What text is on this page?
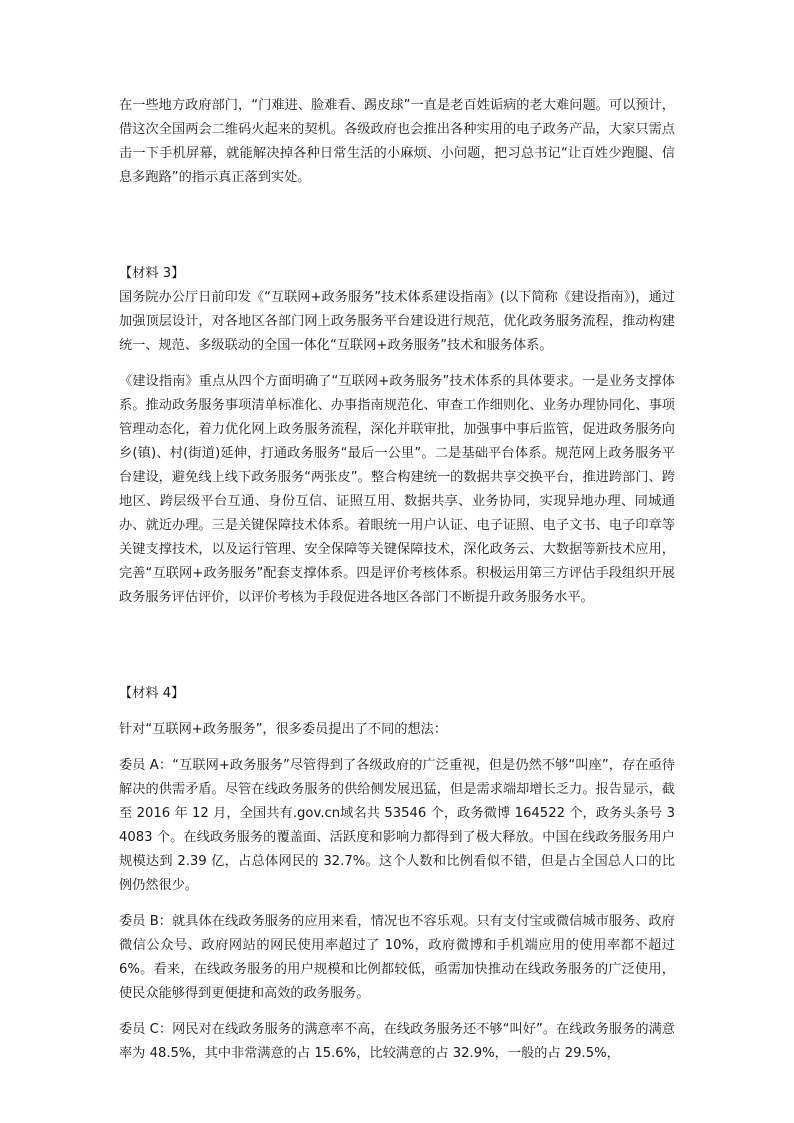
在一些地方政府部门，“门难进、脸难看、踢皮球”一直是老百姓诟病的老大难问题。可以预计，借这次全国两会二维码火起来的契机。各级政府也会推出各种实用的电子政务产品，大家只需点击一下手机屏幕，就能解决掉各种日常生活的小麻烦、小问题，把习总书记“让百姓少跑腿、信息多跑路”的指示真正落到实处。

【材料 3】

国务院办公厅日前印发《“互联网+政务服务”技术体系建设指南》(以下简称《建设指南》)，通过加强顶层设计，对各地区各部门网上政务服务平台建设进行规范，优化政务服务流程，推动构建统一、规范、多级联动的全国一体化“互联网+政务服务”技术和服务体系。

《建设指南》重点从四个方面明确了“互联网+政务服务”技术体系的具体要求。一是业务支撑体系。推动政务服务事项清单标准化、办事指南规范化、审查工作细则化、业务办理协同化、事项管理动态化，着力优化网上政务服务流程，深化并联审批，加强事中事后监管，促进政务服务向乡(镇)、村(街道)延伸，打通政务服务“最后一公里”。二是基础平台体系。规范网上政务服务平台建设，避免线上线下政务服务“两张皮”。整合构建统一的数据共享交换平台，推进跨部门、跨地区、跨层级平台互通、身份互信、证照互用、数据共享、业务协同，实现异地办理、同城通办、就近办理。三是关键保障技术体系。着眼统一用户认证、电子证照、电子文书、电子印章等关键支撑技术，以及运行管理、安全保障等关键保障技术，深化政务云、大数据等新技术应用，完善“互联网+政务服务”配套支撑体系。四是评价考核体系。积极运用第三方评估手段组织开展政务服务评估评价，以评价考核为手段促进各地区各部门不断提升政务服务水平。

【材料 4】

针对“互联网+政务服务”，很多委员提出了不同的想法：

委员 A：“互联网+政务服务”尽管得到了各级政府的广泛重视，但是仍然不够“叫座”，存在亟待解决的供需矛盾。尽管在线政务服务的供给侧发展迅猛，但是需求端却增长乏力。报告显示，截至 2016 年 12 月，全国共有.gov.cn域名共 53546 个，政务微博 164522 个，政务头条号 34083 个。在线政务服务的覆盖面、活跃度和影响力都得到了极大释放。中国在线政务服务用户规模达到 2.39 亿，占总体网民的 32.7%。这个人数和比例看似不错，但是占全国总人口的比例仍然很少。

委员 B：就具体在线政务服务的应用来看，情况也不容乐观。只有支付宝或微信城市服务、政府微信公众号、政府网站的网民使用率超过了 10%，政府微博和手机端应用的使用率都不超过 6%。看来，在线政务服务的用户规模和比例都较低，亟需加快推动在线政务服务的广泛使用，使民众能够得到更便捷和高效的政务服务。

委员 C：网民对在线政务服务的满意率不高，在线政务服务还不够“叫好”。在线政务服务的满意率为 48.5%，其中非常满意的占 15.6%，比较满意的占 32.9%，一般的占 29.5%，
